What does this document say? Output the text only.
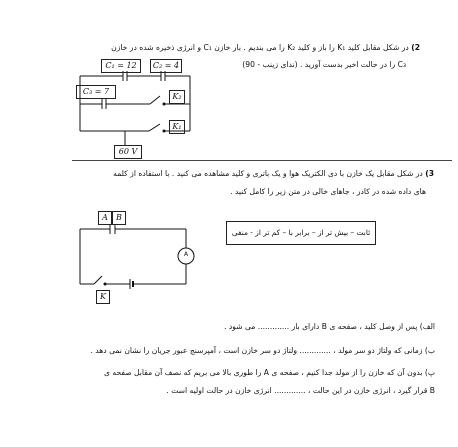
2) در شکل مقابل کلید K₁ را باز و کلید K₂ را می بندیم . بار خازن C₁ و انرژی ذخیره شده در خازن
C₃ را در حالت اخیر بدست آورید . (ندای زینب - 90)
C₁ = 12	C₂ = 4
C₃ = 7
K₂
K₁
60 V
3) در شکل مقابل یک خازن با دی الکتریک هوا و یک باتری و کلید مشاهده می کنید . با استفاده از کلمه
های داده شده در کادر ، جاهای خالی در متن زیر را کامل کنید .
ثابت – بیش تر از – برابر با – کم تر از - منفی
A	B
A
K
الف) پس از وصل کلید ، صفحه ی B دارای بار ............. می شود .
ب) زمانی که ولتاژ دو سر مولد ، ............. ولتاژ دو سر خازن است ، آمپرسنج عبور جریان را نشان نمی دهد .
پ) بدون آن که خازن را از مولد جدا کنیم ، صفحه ی A را طوری بالا می بریم که نصف آن مقابل صفحه ی
B قرار گیرد ، انرژی خازن در این حالت ، ............. انرژی خازن در حالت اولیه است .
